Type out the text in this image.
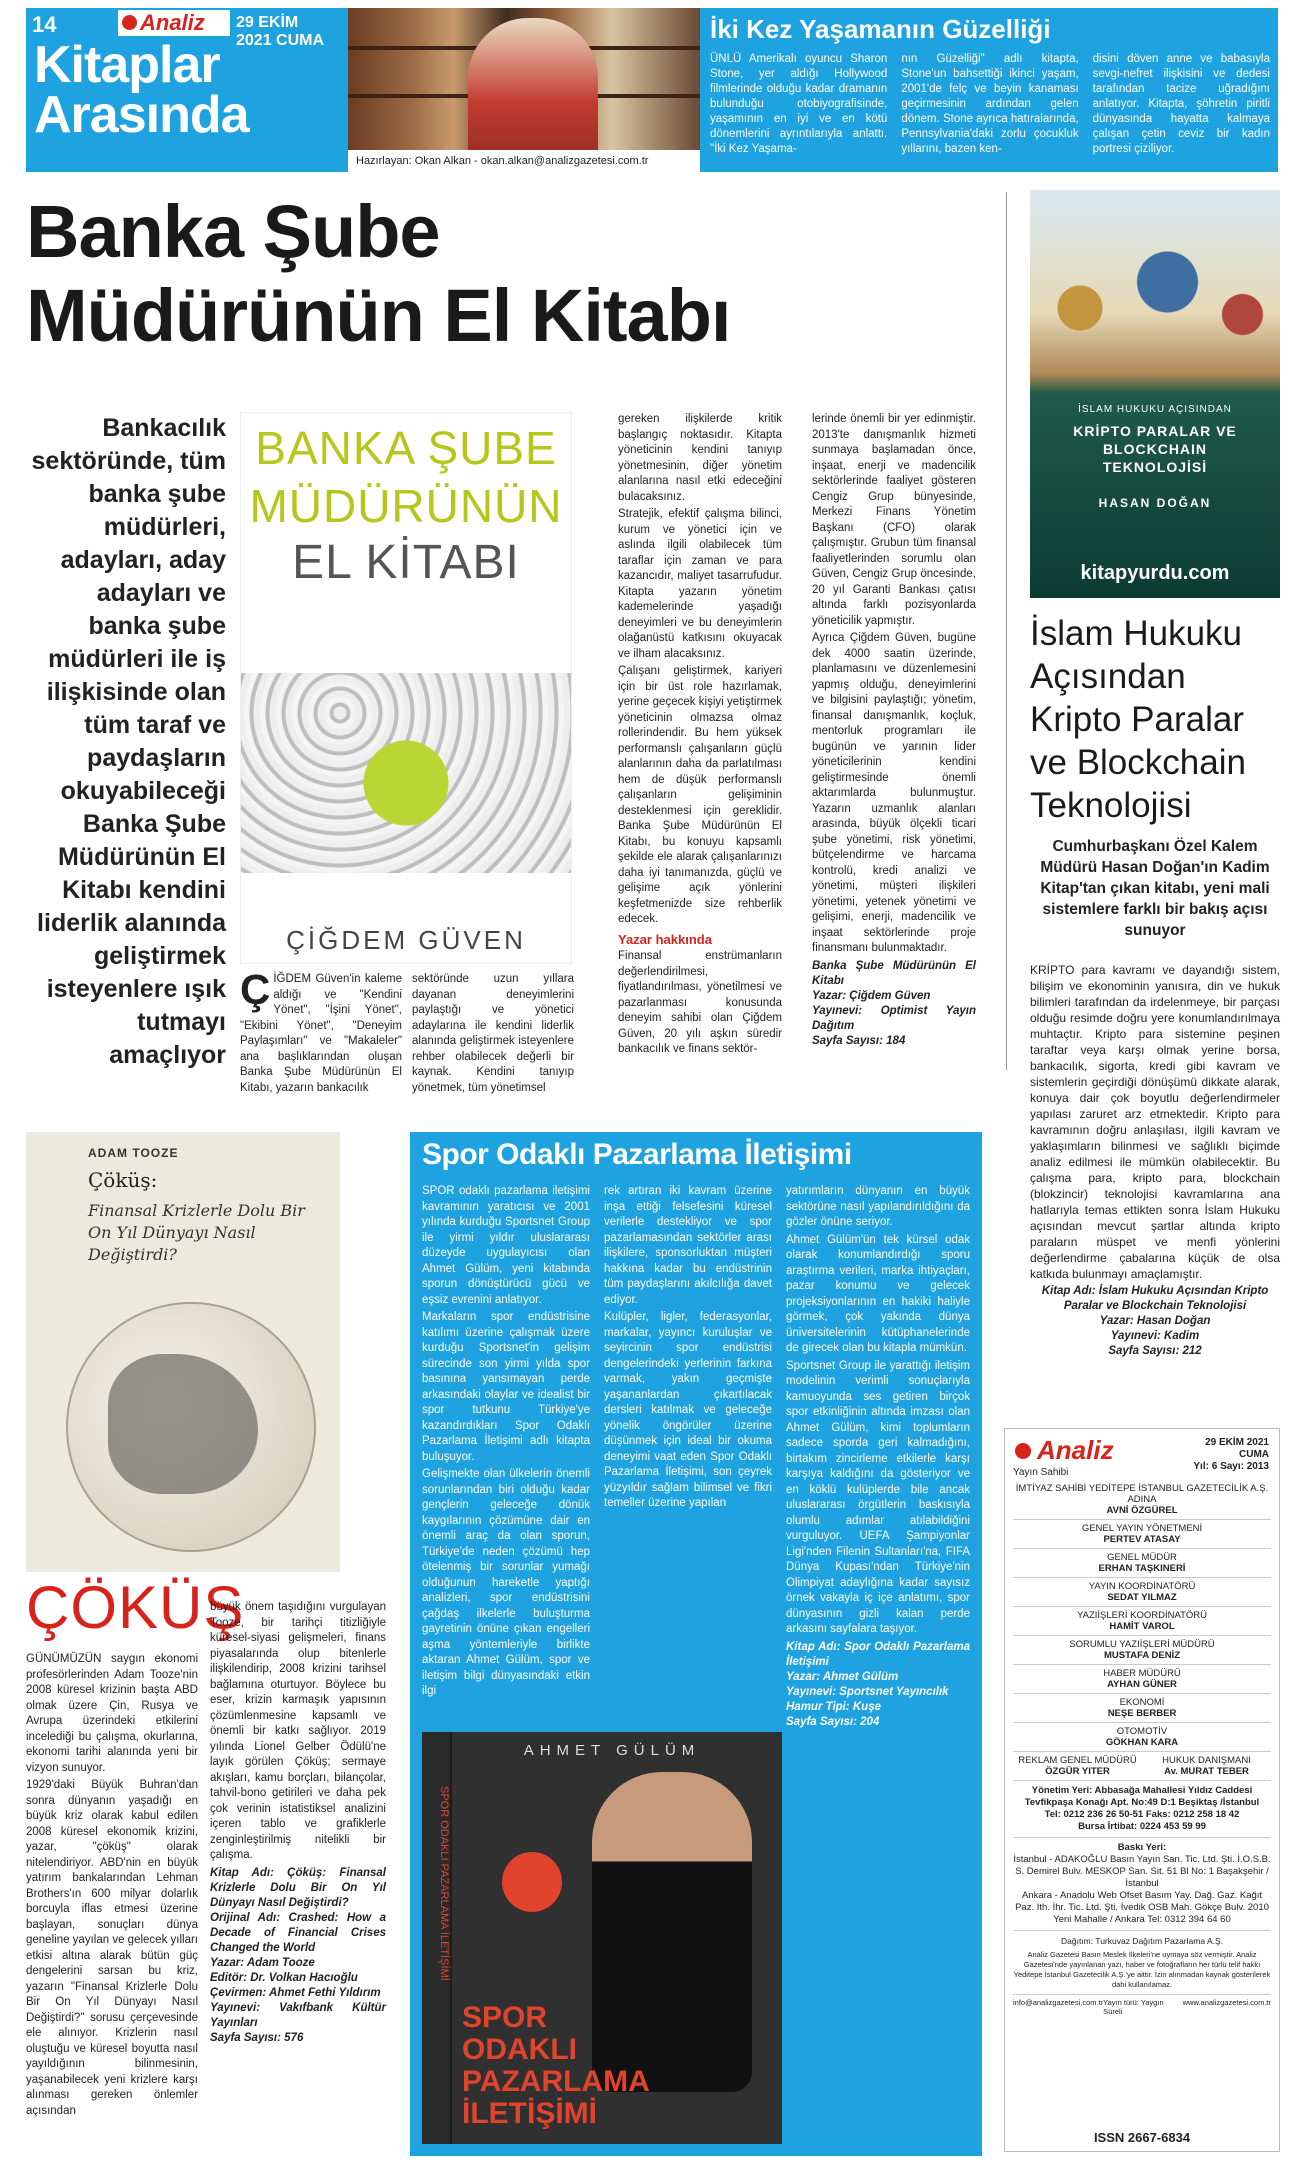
14	Analiz	29 EKİM
2021 CUMA
Kitaplar
Arasında
Hazırlayan: Okan Alkan - okan.alkan@analizgazetesi.com.tr
İki Kez Yaşamanın Güzelliği

ÜNLÜ Amerikalı oyuncu Sharon Stone, yer aldığı Hollywood filmlerinde olduğu kadar dramanın bulunduğu otobiyografisinde, yaşamının en iyi ve en kötü dönemlerini ayrıntılarıyla anlattı. "İki Kez Yaşama-

nın Güzelliği" adlı kitapta, Stone'un bahsettiği ikinci yaşam, 2001'de felç ve beyin kanaması geçirmesinin ardından gelen dönem. Stone ayrıca hatıralarında, Pennsylvania'daki zorlu çocukluk yıllarını, bazen ken-

disini döven anne ve babasıyla sevgi-nefret ilişkisini ve dedesi tarafından tacize uğradığını anlatıyor. Kitapta, şöhretin piritli dünyasında hayatta kalmaya çalışan çetin ceviz bir kadın portresi çiziliyor.

Banka Şube
Müdürünün El Kitabı
Bankacılık sektöründe, tüm banka şube müdürleri, adayları, aday adayları ve banka şube müdürleri ile iş ilişkisinde olan tüm taraf ve paydaşların okuyabileceği Banka Şube Müdürünün El Kitabı kendini liderlik alanında geliştirmek isteyenlere ışık tutmayı amaçlıyor
BANKA ŞUBE
MÜDÜRÜNÜN
EL KİTABI
ÇİĞDEM GÜVEN
ÇİĞDEM Güven'in kaleme aldığı ve "Kendini Yönet", "İşini Yönet", "Ekibini Yönet", "Deneyim Paylaşımları" ve "Makaleler" ana başlıklarından oluşan Banka Şube Müdürünün El Kitabı, yazarın bankacılık
sektöründe uzun yıllara dayanan deneyimlerini paylaştığı ve yönetici adaylarına ile kendini liderlik alanında geliştirmek isteyenlere rehber olabilecek değerli bir kaynak. Kendini tanıyıp yönetmek, tüm yönetimsel

gereken ilişkilerde kritik başlangıç noktasıdır. Kitapta yöneticinin kendini tanıyıp yönetmesinin, diğer yönetim alanlarına nasıl etki edeceğini bulacaksınız.

Stratejik, efektif çalışma bilinci, kurum ve yönetici için ve aslında ilgili olabilecek tüm taraflar için zaman ve para kazancıdır, maliyet tasarrufudur. Kitapta yazarın yönetim kademelerinde yaşadığı deneyimleri ve bu deneyimlerin olağanüstü katkısını okuyacak ve ilham alacaksınız.

Çalışanı geliştirmek, kariyeri için bir üst role hazırlamak, yerine geçecek kişiyi yetiştirmek yöneticinin olmazsa olmaz rollerindendir. Bu hem yüksek performanslı çalışanların güçlü alanlarının daha da parlatılması hem de düşük performanslı çalışanların gelişiminin desteklenmesi için gereklidir. Banka Şube Müdürünün El Kitabı, bu konuyu kapsamlı şekilde ele alarak çalışanlarınızı daha iyi tanımanızda, güçlü ve gelişime açık yönlerini keşfetmenizde size rehberlik edecek.

Yazar hakkında

Finansal enstrümanların değerlendirilmesi, fiyatlandırılması, yönetilmesi ve pazarlanması konusunda deneyim sahibi olan Çiğdem Güven, 20 yılı aşkın süredir bankacılık ve finans sektör-

lerinde önemli bir yer edinmiştir. 2013'te danışmanlık hizmeti sunmaya başlamadan önce, inşaat, enerji ve madencilik sektörlerinde faaliyet gösteren Cengiz Grup bünyesinde, Merkezi Finans Yönetim Başkanı (CFO) olarak çalışmıştır. Grubun tüm finansal faaliyetlerinden sorumlu olan Güven, Cengiz Grup öncesinde, 20 yıl Garanti Bankası çatısı altında farklı pozisyonlarda yöneticilik yapmıştır.

Ayrıca Çiğdem Güven, bugüne dek 4000 saatin üzerinde, planlamasını ve düzenlemesini yapmış olduğu, deneyimlerini ve bilgisini paylaştığı; yönetim, finansal danışmanlık, koçluk, mentorluk programları ile bugünün ve yarının lider yöneticilerinin kendini geliştirmesinde önemli aktarımlarda bulunmuştur. Yazarın uzmanlık alanları arasında, büyük ölçekli ticari şube yönetimi, risk yönetimi, bütçelendirme ve harcama kontrolü, kredi analizi ve yönetimi, müşteri ilişkileri yönetimi, yetenek yönetimi ve gelişimi, enerji, madencilik ve inşaat sektörlerinde proje finansmanı bulunmaktadır.

Banka Şube Müdürünün El Kitabı
Yazar: Çiğdem Güven
Yayınevi: Optimist Yayın Dağıtım
Sayfa Sayısı: 184
İSLAM HUKUKU AÇISINDAN
KRİPTO PARALAR VE BLOCKCHAIN TEKNOLOJİSİ
HASAN DOĞAN
kitapyurdu.com
İslam Hukuku Açısından Kripto Paralar ve Blockchain Teknolojisi
Cumhurbaşkanı Özel Kalem Müdürü Hasan Doğan'ın Kadim Kitap'tan çıkan kitabı, yeni mali sistemlere farklı bir bakış açısı sunuyor

KRİPTO para kavramı ve dayandığı sistem, bilişim ve ekonominin yanısıra, din ve hukuk bilimleri tarafından da irdelenmeye, bir parçası olduğu resimde doğru yere konumlandırılmaya muhtaçtır. Kripto para sistemine peşinen taraftar veya karşı olmak yerine borsa, bankacılık, sigorta, kredi gibi kavram ve sistemlerin geçirdiği dönüşümü dikkate alarak, konuya dair çok boyutlu değerlendirmeler yapılası zaruret arz etmektedir. Kripto para kavramının doğru anlaşılası, ilgili kavram ve yaklaşımların bilinmesi ve sağlıklı biçimde analiz edilmesi ile mümkün olabilecektir. Bu çalışma para, kripto para, blockchain (blokzincir) teknolojisi kavramlarına ana hatlarıyla temas ettikten sonra İslam Hukuku açısından mevcut şartlar altında kripto paraların müspet ve menfi yönlerini değerlendirme çabalarına küçük de olsa katkıda bulunmayı amaçlamıştır.

Kitap Adı: İslam Hukuku Açısından Kripto Paralar ve Blockchain Teknolojisi
Yazar: Hasan Doğan
Yayınevi: Kadim
Sayfa Sayısı: 212
ADAM TOOZE
Çöküş:
Finansal Krizlerle Dolu Bir On Yıl Dünyayı Nasıl Değiştirdi?
ÇÖKÜŞ

GÜNÜMÜZÜN saygın ekonomi profesörlerinden Adam Tooze'nin 2008 küresel krizinin başta ABD olmak üzere Çin, Rusya ve Avrupa üzerindeki etkilerini incelediği bu çalışma, okurlarına, ekonomi tarihi alanında yeni bir vizyon sunuyor.

1929'daki Büyük Buhran'dan sonra dünyanın yaşadığı en büyük kriz olarak kabul edilen 2008 küresel ekonomik krizini, yazar, "çöküş" olarak nitelendiriyor. ABD'nin en büyük yatırım bankalarından Lehman Brothers'ın 600 milyar dolarlık borcuyla iflas etmesi üzerine başlayan, sonuçları dünya geneline yayılan ve gelecek yılları etkisi altına alarak bütün güç dengelerini sarsan bu kriz, yazarın "Finansal Krizlerle Dolu Bir On Yıl Dünyayı Nasıl Değiştirdi?" sorusu çerçevesinde ele alınıyor. Krizlerin nasıl oluştuğu ve küresel boyutta nasıl yayıldığının bilinmesinin, yaşanabilecek yeni krizlere karşı alınması gereken önlemler açısından

büyük önem taşıdığını vurgulayan Tooze, bir tarihçi titizliğiyle küresel-siyasi gelişmeleri, finans piyasalarında olup bitenlerle ilişkilendirip, 2008 krizini tarihsel bağlamına oturtuyor. Böylece bu eser, krizin karmaşık yapısının çözümlenmesine kapsamlı ve önemli bir katkı sağlıyor. 2019 yılında Lionel Gelber Ödülü'ne layık görülen Çöküş; sermaye akışları, kamu borçları, bilançolar, tahvil-bono getirileri ve daha pek çok verinin istatistiksel analizini içeren tablo ve grafiklerle zenginleştirilmiş nitelikli bir çalışma.

Kitap Adı: Çöküş: Finansal Krizlerle Dolu Bir On Yıl Dünyayı Nasıl Değiştirdi?
Orijinal Adı: Crashed: How a Decade of Financial Crises Changed the World
Yazar: Adam Tooze
Editör: Dr. Volkan Hacıoğlu
Çevirmen: Ahmet Fethi Yıldırım
Yayınevi: Vakıfbank Kültür Yayınları
Sayfa Sayısı: 576
Spor Odaklı Pazarlama İletişimi

SPOR odaklı pazarlama iletişimi kavramının yaratıcısı ve 2001 yılında kurduğu Sportsnet Group ile yirmi yıldır uluslararası düzeyde uygulayıcısı olan Ahmet Gülüm, yeni kitabında sporun dönüştürücü gücü ve eşsiz evrenini anlatıyor.

Markaların spor endüstrisine katılımı üzerine çalışmak üzere kurduğu Sportsnet'in gelişim sürecinde son yirmi yılda spor basınına yansımayan perde arkasındaki olaylar ve idealist bir spor tutkunu Türkiye'ye kazandırdıkları Spor Odaklı Pazarlama İletişimi adlı kitapta buluşuyor.

Gelişmekte olan ülkelerin önemli sorunlarından biri olduğu kadar gençlerin geleceğe dönük kaygılarının çözümüne dair en önemli araç da olan sporun, Türkiye'de neden çözümü hep ötelenmiş bir sorunlar yumağı olduğunun hareketle yaptığı analizleri, spor endüstrisini çağdaş ilkelerle buluşturma gayretinin önüne çıkan engelleri aşma yöntemleriyle birlikte aktaran Ahmet Gülüm, spor ve iletişim bilgi dünyasındaki etkin ilgi

rek artıran iki kavram üzerine inşa ettiği felsefesini küresel verilerle destekliyor ve spor pazarlamasından sektörler arası ilişkilere, sponsorluktan müşteri hakkına kadar bu endüstrinin tüm paydaşlarını akılcılığa davet ediyor.

Kulüpler, ligler, federasyonlar, markalar, yayıncı kuruluşlar ve seyircinin spor endüstrisi dengelerindeki yerlerinin farkına varmak, yakın geçmişte yaşananlardan çıkartılacak dersleri katılmak ve geleceğe yönelik öngörüler üzerine düşünmek için ideal bir okuma deneyimi vaat eden Spor Odaklı Pazarlama İletişimi, son çeyrek yüzyıldır sağlam bilimsel ve fikri temeller üzerine yapılan

yatırımların dünyanın en büyük sektörüne nasıl yapılandırıldığını da gözler önüne seriyor.

Ahmet Gülüm'ün tek kürsel odak olarak konumlandırdığı sporu araştırma verileri, marka ihtiyaçları, pazar konumu ve gelecek projeksiyonlarının en hakiki haliyle görmek, çok yakında dünya üniversitelerinin kütüphanelerinde de girecek olan bu kitapla mümkün.

Sportsnet Group ile yarattığı iletişim modelinin verimli sonuçlarıyla kamuoyunda ses getiren birçok spor etkinliğinin altında imzası olan Ahmet Gülüm, kimi toplumların sadece sporda geri kalmadığını, birtakım zincirleme etkilerle karşı karşıya kaldığını da gösteriyor ve en köklü kulüplerde bile ancak uluslararası örgütlerin baskısıyla olumlu adımlar atılabildiğini vurguluyor. UEFA Şampiyonlar Ligi'nden Filenin Sultanları'na, FIFA Dünya Kupası'ndan Türkiye'nin Olimpiyat adaylığına kadar sayısız örnek vakayla iç içe anlatımı, spor dünyasının gizli kalan perde arkasını sayfalara taşıyor.

Kitap Adı: Spor Odaklı Pazarlama İletişimi
Yazar: Ahmet Gülüm
Yayınevi: Sportsnet Yayıncılık
Hamur Tipi: Kuşe
Sayfa Sayısı: 204
AHMET GÜLÜM
SPOR ODAKLI PAZARLAMA İLETİŞİMİ
SPOR ODAKLI PAZARLAMA İLETİŞİMİ
Analiz	29 EKİM 2021
CUMA
Yıl: 6 Sayı: 2013
Yayın Sahibi
İMTİYAZ SAHİBİ YEDİTEPE İSTANBUL GAZETECİLİK A.Ş. ADINA
AVNİ ÖZGÜREL
GENEL YAYIN YÖNETMENİ
PERTEV ATASAY
GENEL MÜDÜR
ERHAN TAŞKINERİ
YAYIN KOORDİNATÖRÜ
SEDAT YILMAZ
YAZIİŞLERİ KOORDİNATÖRÜ
HAMİT VAROL
SORUMLU YAZIİŞLERİ MÜDÜRÜ
MUSTAFA DENİZ
HABER MÜDÜRÜ
AYHAN GÜNER
EKONOMİ
NEŞE BERBER
OTOMOTİV
GÖKHAN KARA
REKLAM GENEL MÜDÜRÜ
ÖZGÜR YITER
HUKUK DANIŞMANI
Av. MURAT TEBER
Yönetim Yeri: Abbasağa Mahallesi Yıldız Caddesi Tevfikpaşa Konağı Apt. No:49 D:1 Beşiktaş /İstanbul
Tel: 0212 236 26 50-51 Faks: 0212 258 18 42
Bursa İrtibat: 0224 453 59 99
Baskı Yeri:
İstanbul - ADAKOĞLU Basın Yayın San. Tic. Ltd. Şti. İ.O.S.B. S. Demirel Bulv. MESKOP San. Sit. 51 Bl No: 1 Başakşehir / İstanbul
Ankara - Anadolu Web Ofset Basım Yay. Dağ. Gaz. Kağıt Paz. Ith. İhr. Tic. Ltd. Şti. İvedik OSB Mah. Gökçe Bulv. 2010 Yeni Mahalle / Ankara Tel: 0312 394 64 60
Dağıtım: Turkuvaz Dağıtım Pazarlama A.Ş.
Analiz Gazetesi Basın Meslek İlkeleri'ne uymaya söz vermiştir. Analiz Gazetesi'nde yayınlanan yazı, haber ve fotoğrafların her türlü telif hakkı Yeditepe İstanbul Gazetecilik A.Ş.'ye aittir. İzin alınmadan kaynak gösterilerek dahi kullanılamaz.
info@analizgazetesi.com.tr Yayın türü: Yaygın Süreli
www.analizgazetesi.com.tr
ISSN 2667-6834
